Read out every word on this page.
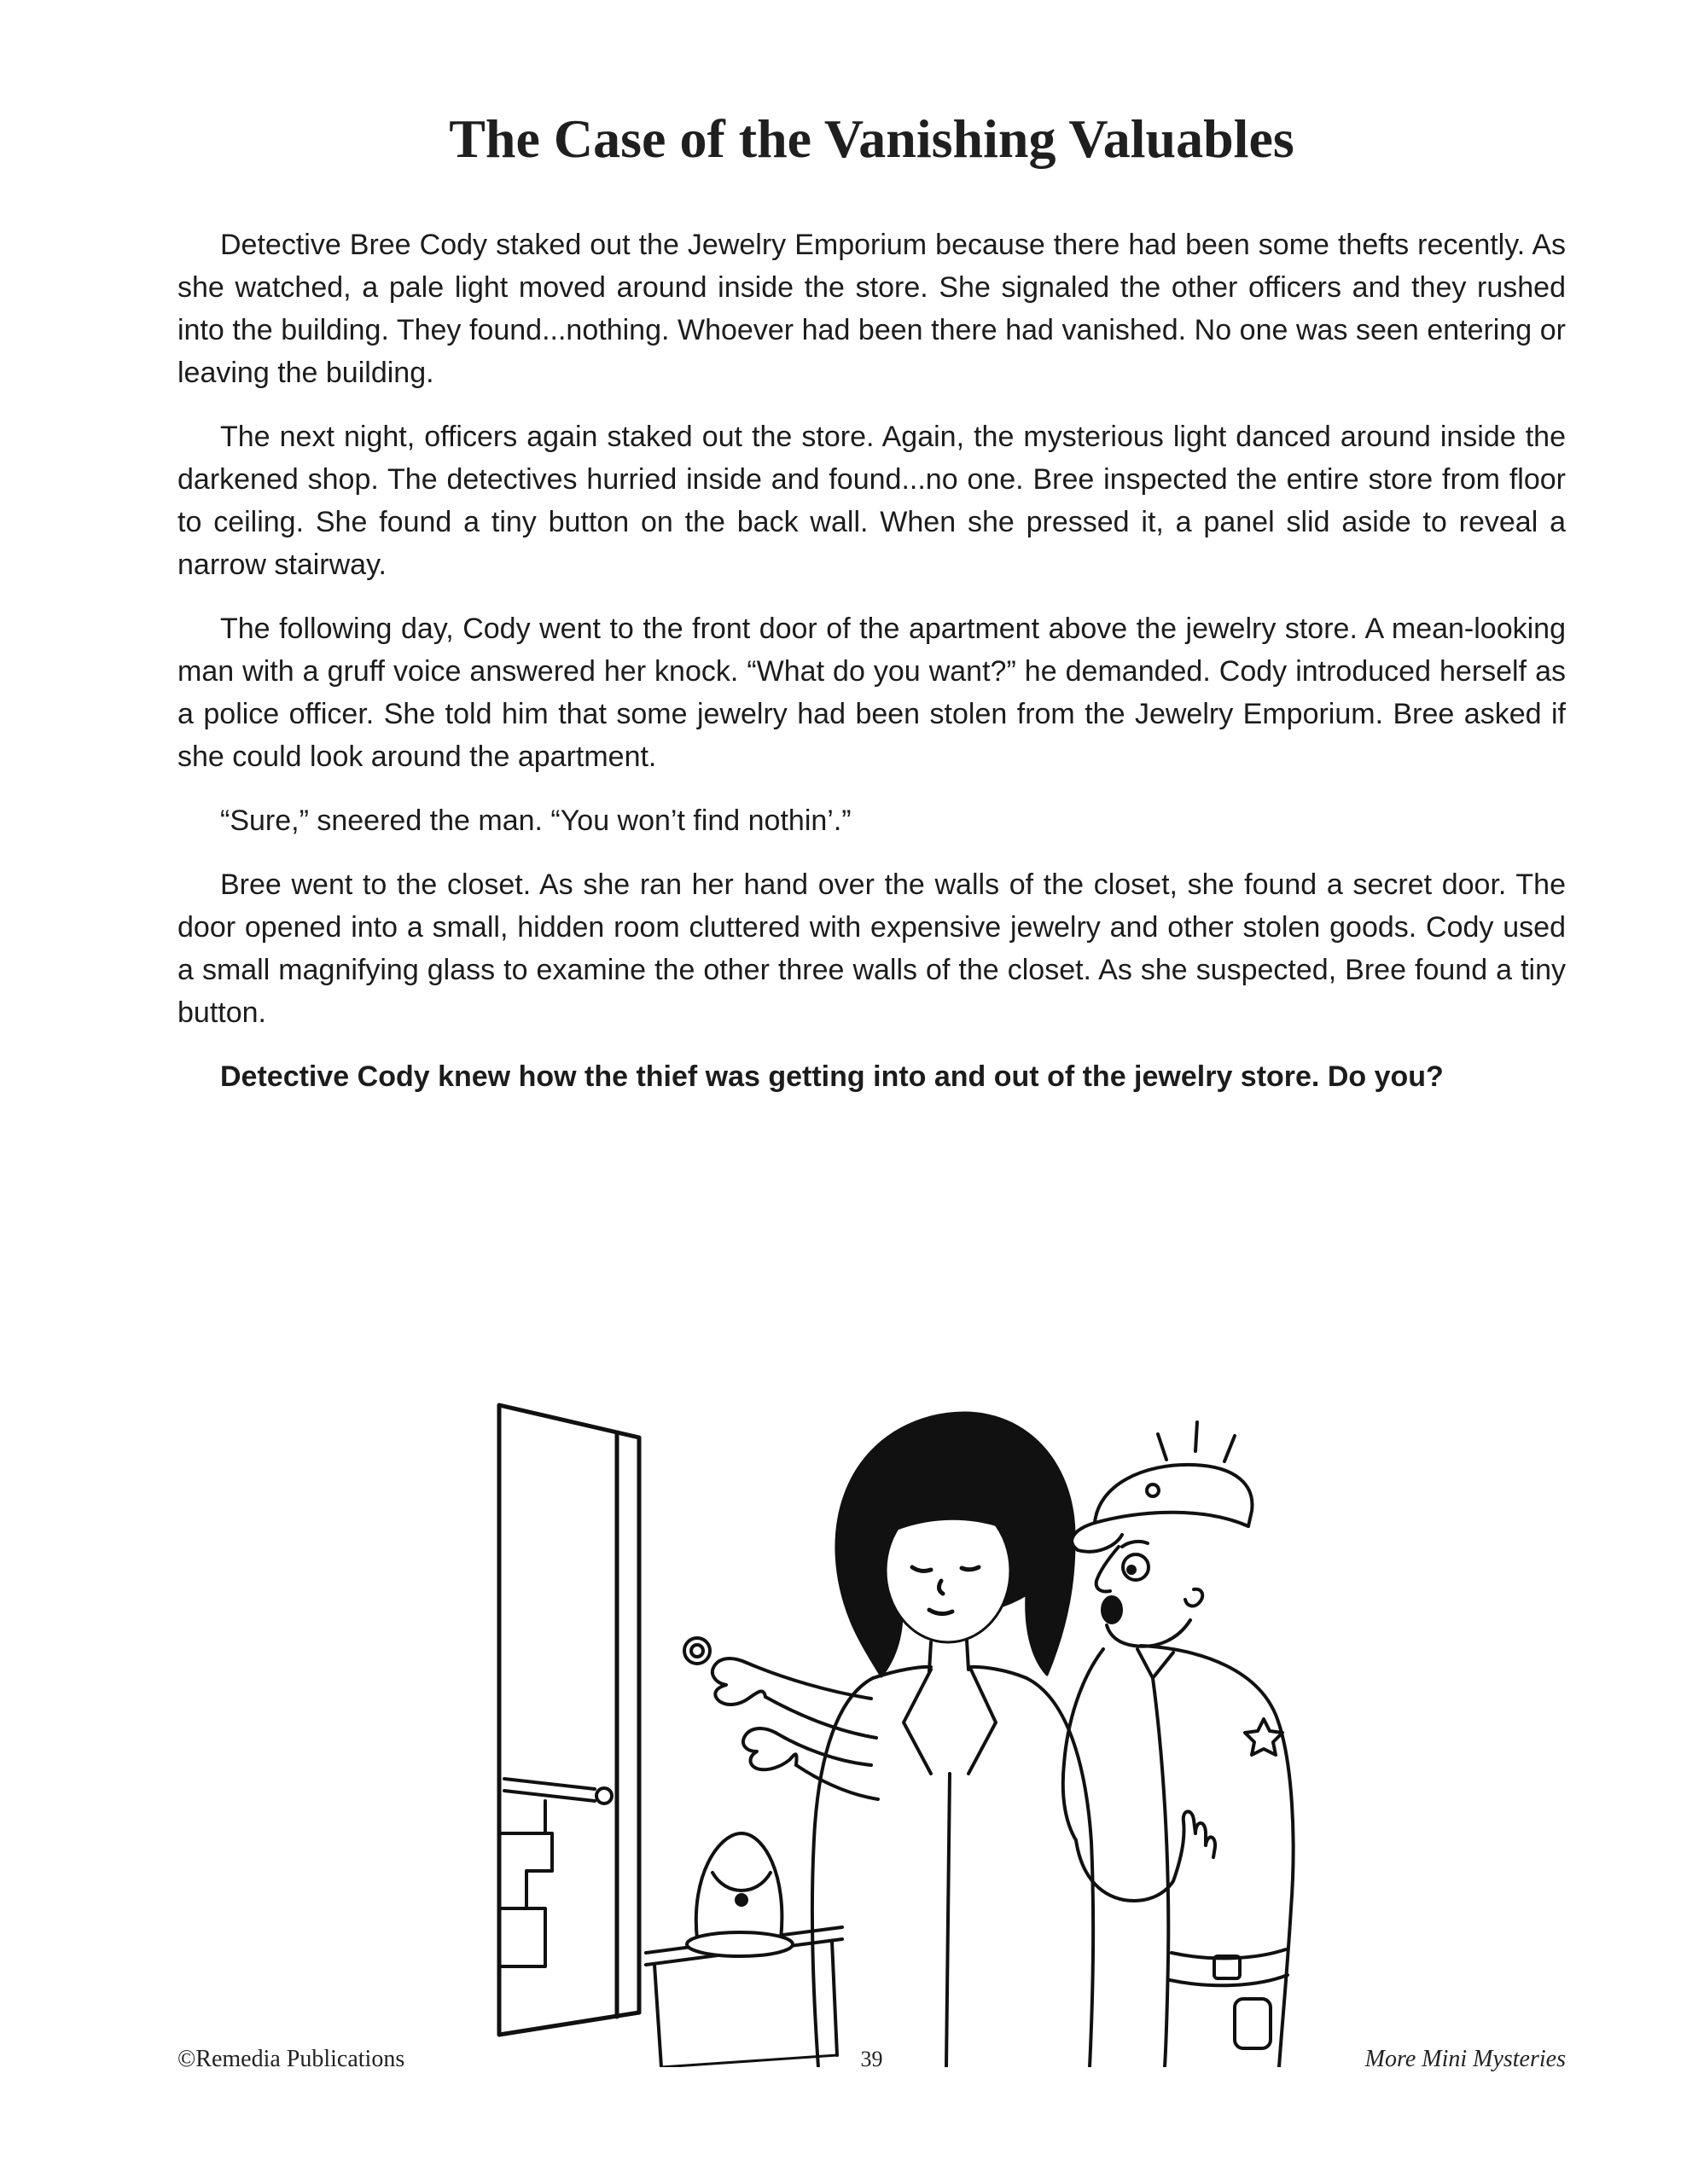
The Case of the Vanishing Valuables

Detective Bree Cody staked out the Jewelry Emporium because there had been some thefts recently. As she watched, a pale light moved around inside the store. She signaled the other officers and they rushed into the building. They found...nothing. Whoever had been there had vanished. No one was seen entering or leaving the building.

The next night, officers again staked out the store. Again, the mysterious light danced around inside the darkened shop. The detectives hurried inside and found...no one. Bree inspected the entire store from floor to ceiling. She found a tiny button on the back wall. When she pressed it, a panel slid aside to reveal a narrow stairway.

The following day, Cody went to the front door of the apartment above the jewelry store. A mean-looking man with a gruff voice answered her knock. “What do you want?” he demanded. Cody introduced herself as a police officer. She told him that some jewelry had been stolen from the Jewelry Emporium. Bree asked if she could look around the apartment.

“Sure,” sneered the man. “You won’t find nothin’.”

Bree went to the closet. As she ran her hand over the walls of the closet, she found a secret door. The door opened into a small, hidden room cluttered with expensive jewelry and other stolen goods. Cody used a small magnifying glass to examine the other three walls of the closet. As she suspected, Bree found a tiny button.

Detective Cody knew how the thief was getting into and out of the jewelry store. Do you?

©Remedia Publications	39	More Mini Mysteries
